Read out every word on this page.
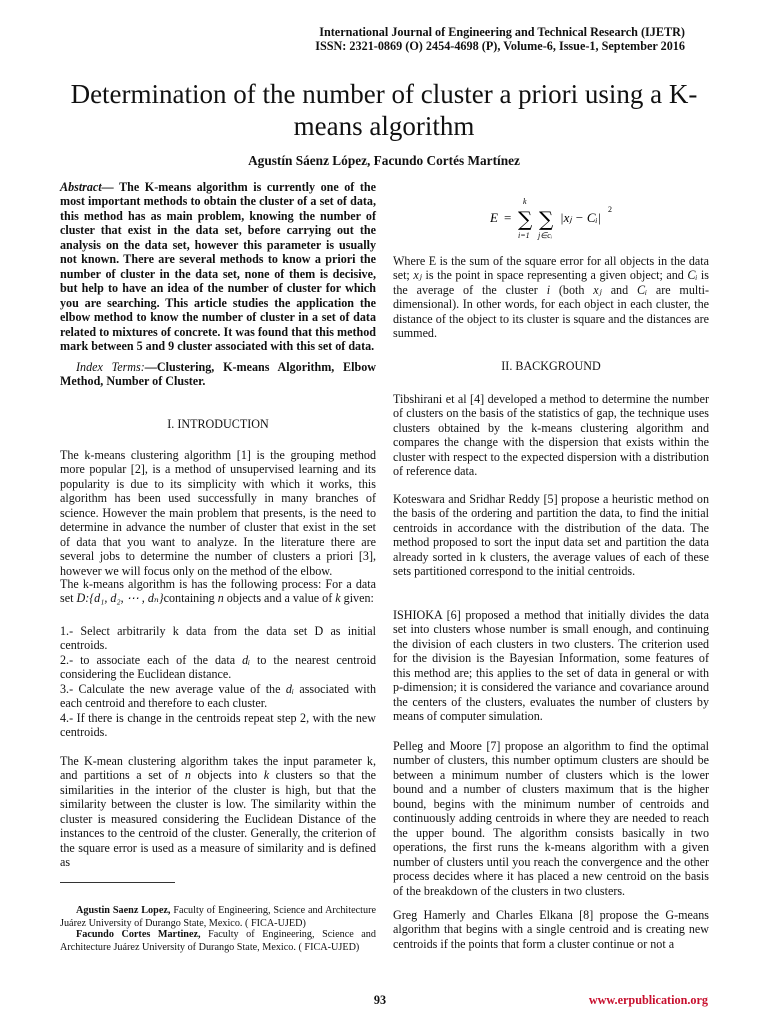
International Journal of Engineering and Technical Research (IJETR)
ISSN: 2321-0869 (O) 2454-4698 (P), Volume-6, Issue-1, September 2016
Determination of the number of cluster a priori using a K-means algorithm
Agustín Sáenz López, Facundo Cortés Martínez

Abstract— The K-means algorithm is currently one of the most important methods to obtain the cluster of a set of data, this method has as main problem, knowing the number of cluster that exist in the data set, before carrying out the analysis on the data set, however this parameter is usually not known. There are several methods to know a priori the number of cluster in the data set, none of them is decisive, but help to have an idea of the number of cluster for which you are searching. This article studies the application the elbow method to know the number of cluster in a set of data related to mixtures of concrete. It was found that this method mark between 5 and 9 cluster associated with this set of data.

Index Terms:—Clustering, K-means Algorithm, Elbow Method, Number of Cluster.

I. INTRODUCTION

The k-means clustering algorithm [1] is the grouping method more popular [2], is a method of unsupervised learning and its popularity is due to its simplicity with which it works, this algorithm has been used successfully in many branches of science. However the main problem that presents, is the need to determine in advance the number of cluster that exist in the set of data that you want to analyze. In the literature there are several jobs to determine the number of clusters a priori [3], however we will focus only on the method of the elbow.

The k-means algorithm is has the following process: For a data set D:{d₁, d₂, ⋯ , dₙ}containing n objects and a value of k given:

1.- Select arbitrarily k data from the data set D as initial centroids.

2.- to associate each of the data dᵢ to the nearest centroid considering the Euclidean distance.

3.- Calculate the new average value of the dᵢ associated with each centroid and therefore to each cluster.

4.- If there is change in the centroids repeat step 2, with the new centroids.

The K-mean clustering algorithm takes the input parameter k, and partitions a set of n objects into k clusters so that the similarities in the interior of the cluster is high, but that the similarity between the cluster is low. The similarity within the cluster is measured considering the Euclidean Distance of the instances to the centroid of the cluster. Generally, the criterion of the square error is used as a measure of similarity and is defined as

Agustin Saenz Lopez, Faculty of Engineering, Science and Architecture Juárez University of Durango State, Mexico. ( FICA-UJED)

Facundo Cortes Martinez, Faculty of Engineering, Science and Architecture Juárez University of Durango State, Mexico. ( FICA-UJED)

E = ∑
k
i=1
∑
j∈cᵢ
|xⱼ − Cᵢ|
2

Where E is the sum of the square error for all objects in the data set; xⱼ is the point in space representing a given object; and Cᵢ is the average of the cluster i (both xⱼ and Cᵢ are multi-dimensional). In other words, for each object in each cluster, the distance of the object to its cluster is square and the distances are summed.

II. BACKGROUND

Tibshirani et al [4] developed a method to determine the number of clusters on the basis of the statistics of gap, the technique uses clusters obtained by the k-means clustering algorithm and compares the change with the dispersion that exists within the cluster with respect to the expected dispersion with a distribution of reference data.

Koteswara and Sridhar Reddy [5] propose a heuristic method on the basis of the ordering and partition the data, to find the initial centroids in accordance with the distribution of the data. The method proposed to sort the input data set and partition the data already sorted in k clusters, the average values of each of these sets partitioned correspond to the initial centroids.

ISHIOKA [6] proposed a method that initially divides the data set into clusters whose number is small enough, and continuing the division of each clusters in two clusters. The criterion used for the division is the Bayesian Information, some features of this method are; this applies to the set of data in general or with p-dimension; it is considered the variance and covariance around the centers of the clusters, evaluates the number of clusters by means of computer simulation.

Pelleg and Moore [7] propose an algorithm to find the optimal number of clusters, this number optimum clusters are should be between a minimum number of clusters which is the lower bound and a number of clusters maximum that is the higher bound, begins with the minimum number of centroids and continuously adding centroids in where they are needed to reach the upper bound. The algorithm consists basically in two operations, the first runs the k-means algorithm with a given number of clusters until you reach the convergence and the other process decides where it has placed a new centroid on the basis of the breakdown of the clusters in two clusters.

Greg Hamerly and Charles Elkana [8] propose the G-means algorithm that begins with a single centroid and is creating new centroids if the points that form a cluster continue or not a

93	www.erpublication.org
